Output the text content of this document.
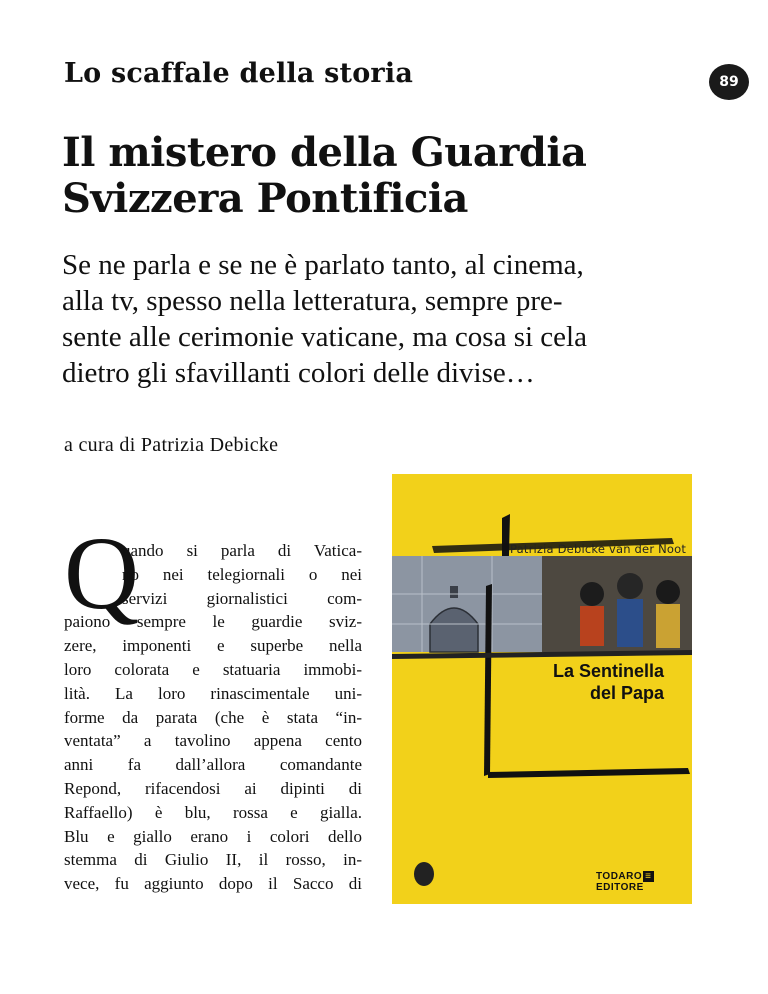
Lo scaffale della storia	89
Il mistero della Guardia
Svizzera Pontificia
Se ne parla e se ne è parlato tanto, al cinema,
alla tv, spesso nella letteratura, sempre pre-
sente alle cerimonie vaticane, ma cosa si cela
dietro gli sfavillanti colori delle divise…
a cura di Patrizia Debicke
Q
uando si parla di Vatica-
no nei telegiornali o nei
servizi giornalistici com-
paiono sempre le guardie sviz-
zere, imponenti e superbe nella
loro colorata e statuaria immobi-
lità. La loro rinascimentale uni-
forme da parata (che è stata “in-
ventata” a tavolino appena cento
anni fa dall’allora comandante
Repond, rifacendosi ai dipinti di
Raffaello) è blu, rossa e gialla.
Blu e giallo erano i colori dello
stemma di Giulio II, il rosso, in-
vece, fu aggiunto dopo il Sacco di
Patrizia Debicke van der Noot
La Sentinella
del Papa
TODARO ≡EDITORE
